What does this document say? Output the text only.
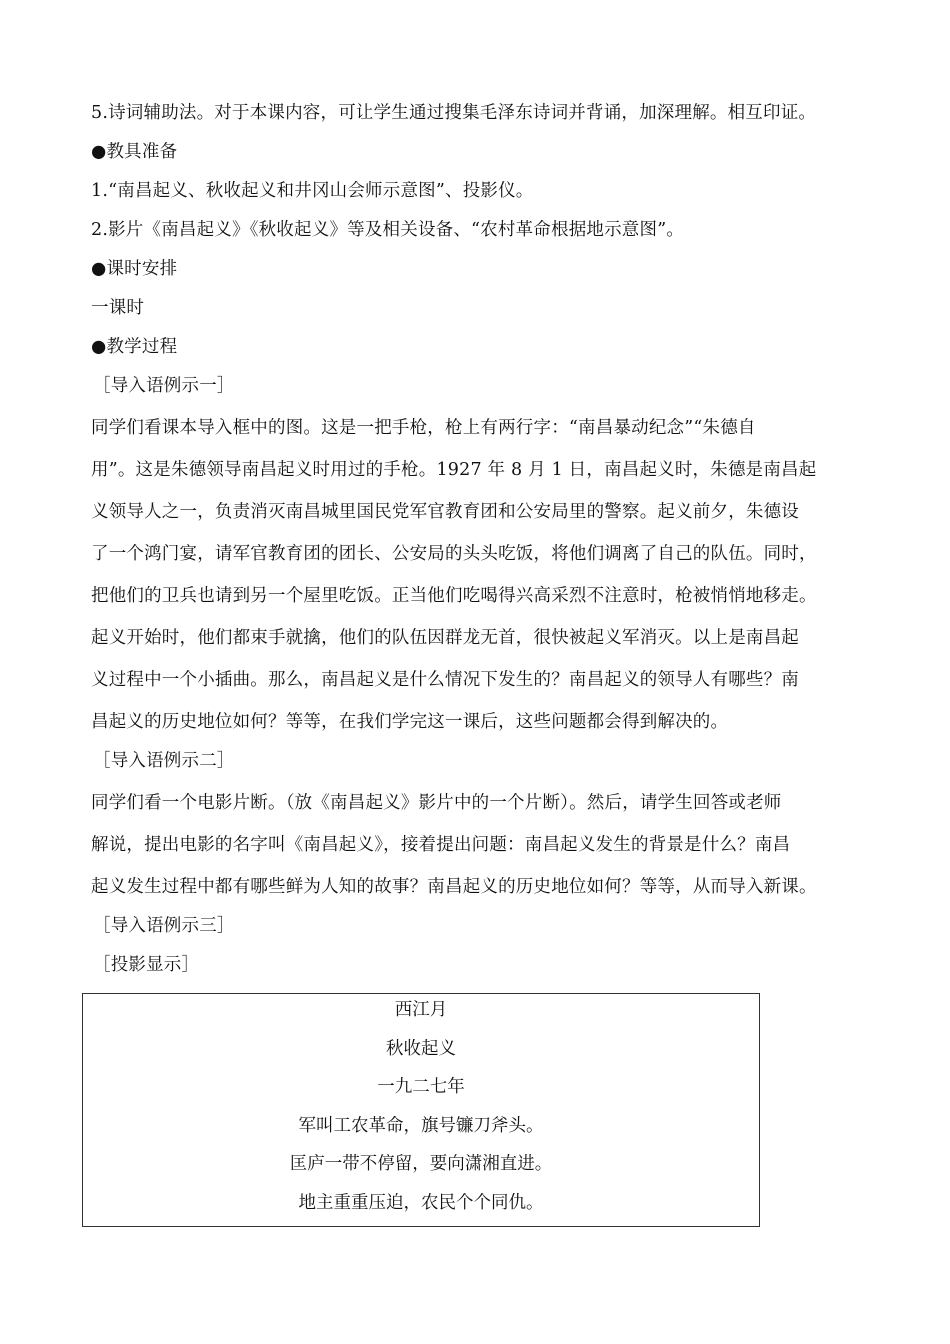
5.诗词辅助法。对于本课内容，可让学生通过搜集毛泽东诗词并背诵，加深理解。相互印证。

●教具准备

1.“南昌起义、秋收起义和井冈山会师示意图”、投影仪。

2.影片《南昌起义》《秋收起义》等及相关设备、“农村革命根据地示意图”。

●课时安排

一课时

●教学过程

［导入语例示一］

同学们看课本导入框中的图。这是一把手枪，枪上有两行字：“南昌暴动纪念”“朱德自

用”。这是朱德领导南昌起义时用过的手枪。1927 年 8 月 1 日，南昌起义时，朱德是南昌起

义领导人之一，负责消灭南昌城里国民党军官教育团和公安局里的警察。起义前夕，朱德设

了一个鸿门宴，请军官教育团的团长、公安局的头头吃饭，将他们调离了自己的队伍。同时，

把他们的卫兵也请到另一个屋里吃饭。正当他们吃喝得兴高采烈不注意时，枪被悄悄地移走。

起义开始时，他们都束手就擒，他们的队伍因群龙无首，很快被起义军消灭。以上是南昌起

义过程中一个小插曲。那么，南昌起义是什么情况下发生的？南昌起义的领导人有哪些？南

昌起义的历史地位如何？等等，在我们学完这一课后，这些问题都会得到解决的。

［导入语例示二］

同学们看一个电影片断。（放《南昌起义》影片中的一个片断）。然后，请学生回答或老师

解说，提出电影的名字叫《南昌起义》，接着提出问题：南昌起义发生的背景是什么？南昌

起义发生过程中都有哪些鲜为人知的故事？南昌起义的历史地位如何？等等，从而导入新课。

［导入语例示三］

［投影显示］

西江月
秋收起义
一九二七年
军叫工农革命，旗号镰刀斧头。
匡庐一带不停留，要向潇湘直进。
地主重重压迫，农民个个同仇。
